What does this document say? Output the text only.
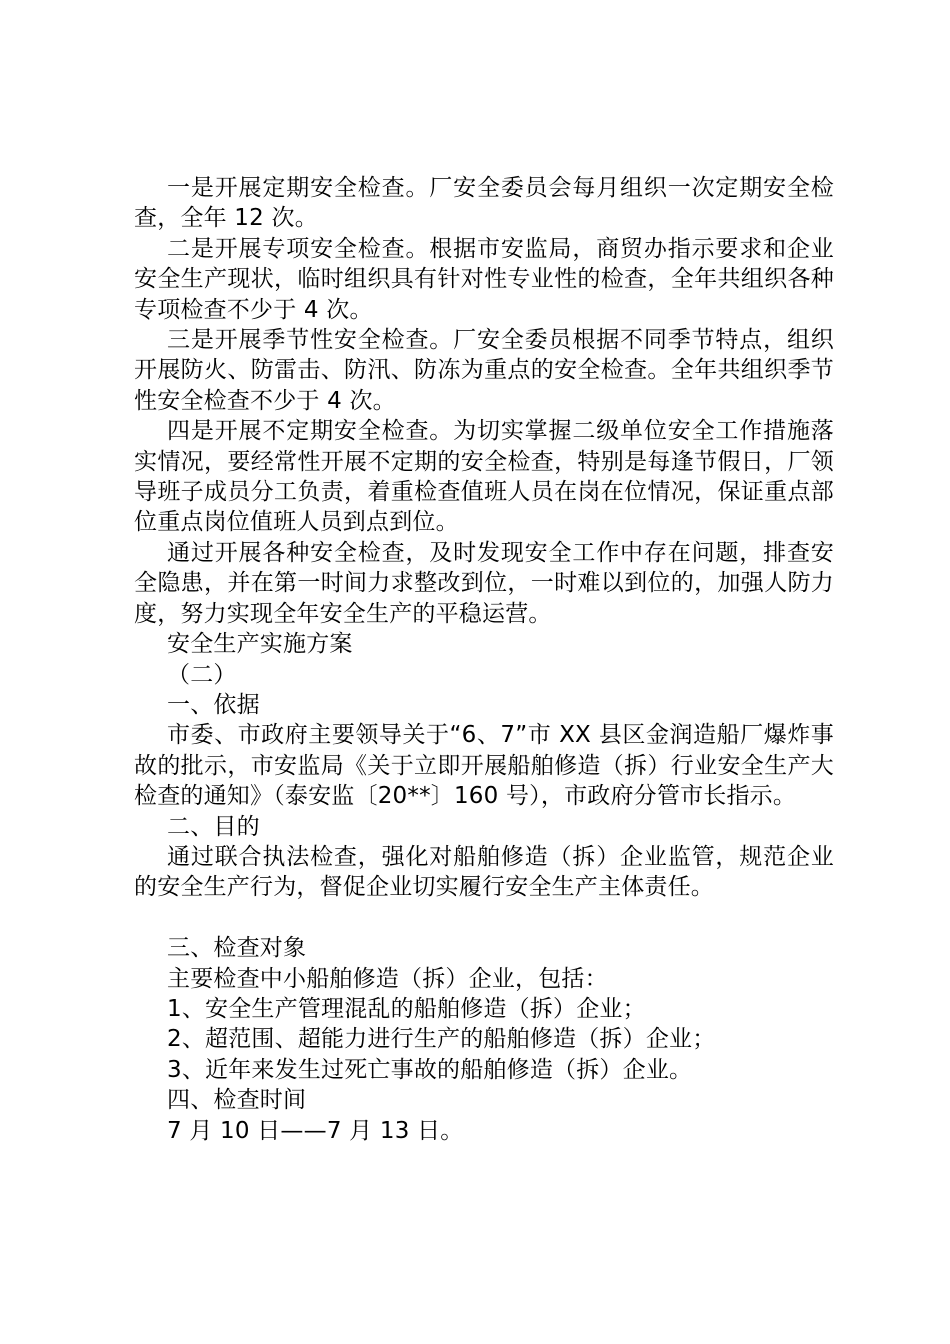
一是开展定期安全检查。厂安全委员会每月组织一次定期安全检查，全年 12 次。

二是开展专项安全检查。根据市安监局，商贸办指示要求和企业安全生产现状，临时组织具有针对性专业性的检查，全年共组织各种专项检查不少于 4 次。

三是开展季节性安全检查。厂安全委员根据不同季节特点，组织开展防火、防雷击、防汛、防冻为重点的安全检查。全年共组织季节性安全检查不少于 4 次。

四是开展不定期安全检查。为切实掌握二级单位安全工作措施落实情况，要经常性开展不定期的安全检查，特别是每逢节假日，厂领导班子成员分工负责，着重检查值班人员在岗在位情况，保证重点部位重点岗位值班人员到点到位。

通过开展各种安全检查，及时发现安全工作中存在问题，排查安全隐患，并在第一时间力求整改到位，一时难以到位的，加强人防力度，努力实现全年安全生产的平稳运营。

安全生产实施方案

（二）

一、依据

市委、市政府主要领导关于“6、7”市 XX 县区金润造船厂爆炸事故的批示，市安监局《关于立即开展船舶修造（拆）行业安全生产大检查的通知》（泰安监〔20**〕160 号），市政府分管市长指示。

二、目的

通过联合执法检查，强化对船舶修造（拆）企业监管，规范企业的安全生产行为，督促企业切实履行安全生产主体责任。

三、检查对象

主要检查中小船舶修造（拆）企业，包括：

1、安全生产管理混乱的船舶修造（拆）企业；

2、超范围、超能力进行生产的船舶修造（拆）企业；

3、近年来发生过死亡事故的船舶修造（拆）企业。

四、检查时间

7 月 10 日——7 月 13 日。
